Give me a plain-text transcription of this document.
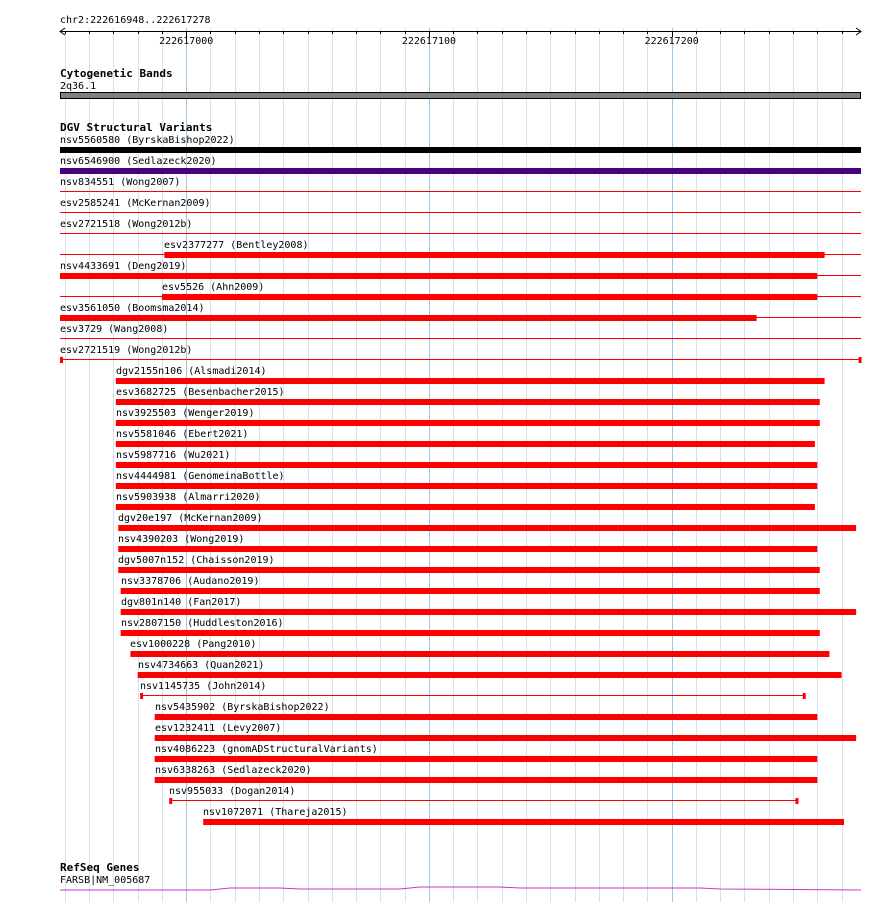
chr2:222616948..222617278
222617000	222617100	222617200
Cytogenetic Bands
2q36.1
DGV Structural Variants
nsv5560580 (ByrskaBishop2022)
nsv6546900 (Sedlazeck2020)
nsv834551 (Wong2007)
esv2585241 (McKernan2009)
esv2721518 (Wong2012b)
esv2377277 (Bentley2008)
nsv4433691 (Deng2019)
esv5526 (Ahn2009)
esv3561050 (Boomsma2014)
esv3729 (Wang2008)
esv2721519 (Wong2012b)
dgv2155n106 (Alsmadi2014)
esv3682725 (Besenbacher2015)
nsv3925503 (Wenger2019)
nsv5581046 (Ebert2021)
nsv5987716 (Wu2021)
nsv4444981 (GenomeinaBottle)
nsv5903938 (Almarri2020)
dgv20e197 (McKernan2009)
nsv4390203 (Wong2019)
dgv5007n152 (Chaisson2019)
nsv3378706 (Audano2019)
dgv801n140 (Fan2017)
nsv2807150 (Huddleston2016)
esv1000228 (Pang2010)
nsv4734663 (Quan2021)
nsv1145735 (John2014)
nsv5435902 (ByrskaBishop2022)
esv1232411 (Levy2007)
nsv4086223 (gnomADStructuralVariants)
nsv6338263 (Sedlazeck2020)
nsv955033 (Dogan2014)
nsv1072071 (Thareja2015)
RefSeq Genes
FARSB|NM_005687
